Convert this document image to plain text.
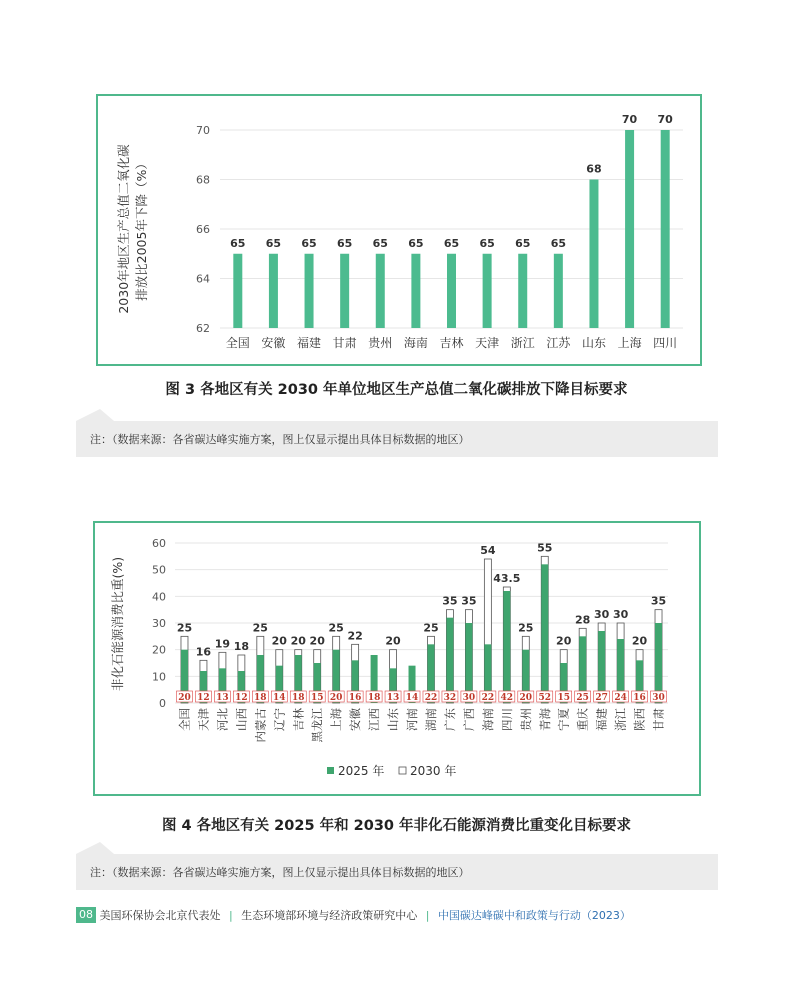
62
64
66
68
70
65
全国
65
安徽
65
福建
65
甘肃
65
贵州
65
海南
65
吉林
65
天津
65
浙江
65
江苏
68
山东
70
上海
70
四川
2030年地区生产总值二氧化碳 排放比2005年下降（%）
图 3 各地区有关 2030 年单位地区生产总值二氧化碳排放下降目标要求
注：（数据来源：各省碳达峰实施方案，图上仅显示提出具体目标数据的地区）
0
10
20
30
40
50
60
25
20
全国
16
12
天津
19
13
河北
18
12
山西
25
18
内蒙古
20
14
辽宁
20
18
吉林
20
15
黑龙江
25
20
上海
22
16
安徽
18
江西
20
13
山东
14
河南
25
22
湖南
35
32
广东
35
30
广西
54
22
海南
43.5
42
四川
25
20
贵州
55
52
青海
20
15
宁夏
28
25
重庆
30
27
福建
30
24
浙江
20
16
陕西
35
30
甘肃
非化石能源消费比重(%)
2025 年 2030 年
图 4 各地区有关 2025 年和 2030 年非化石能源消费比重变化目标要求
注：（数据来源：各省碳达峰实施方案，图上仅显示提出具体目标数据的地区）
08 美国环保协会北京代表处 | 生态环境部环境与经济政策研究中心 | 中国碳达峰碳中和政策与行动（2023）
